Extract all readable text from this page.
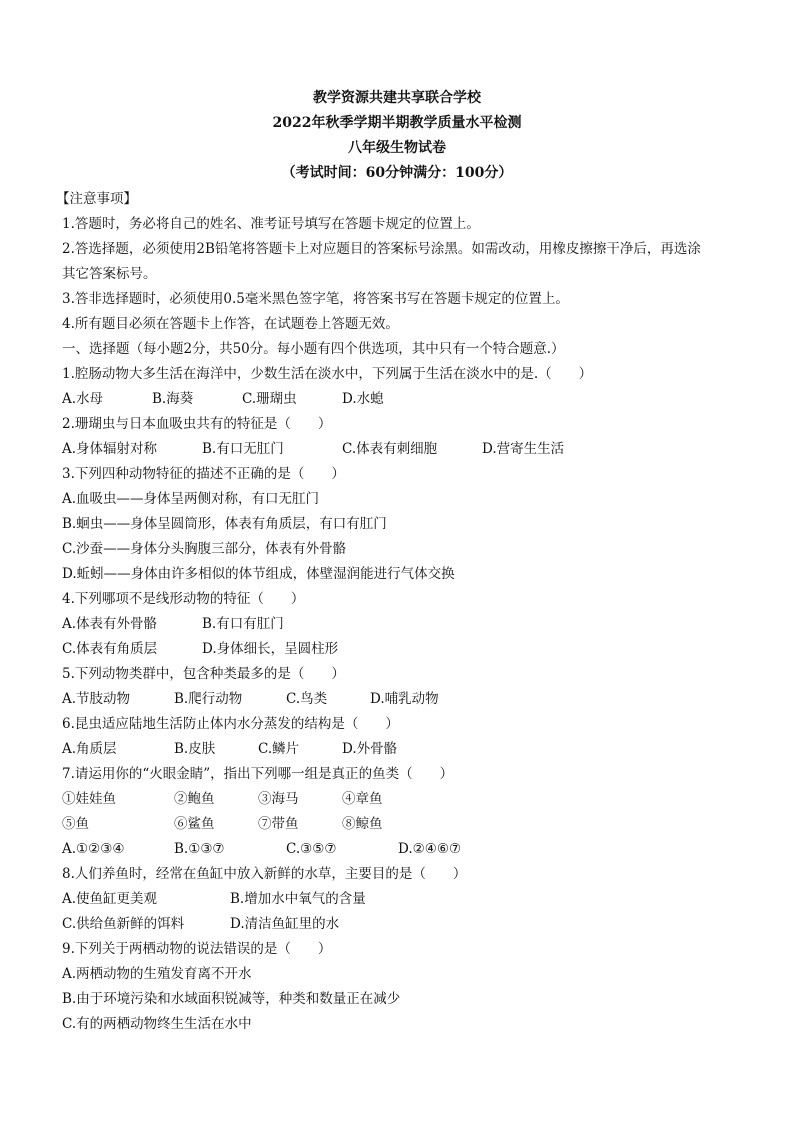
教学资源共建共享联合学校
2022年秋季学期半期教学质量水平检测
八年级生物试卷
（考试时间：60分钟满分：100分）
【注意事项】
1.答题时，务必将自己的姓名、准考证号填写在答题卡规定的位置上。
2.答选择题，必须使用2B铅笔将答题卡上对应题目的答案标号涂黑。如需改动，用橡皮擦擦干净后，再选涂
其它答案标号。
3.答非选择题时，必须使用0.5毫米黑色签字笔，将答案书写在答题卡规定的位置上。
4.所有题目必须在答题卡上作答，在试题卷上答题无效。
一、选择题（每小题2分，共50分。每小题有四个供选项，其中只有一个特合题意.）
1.腔肠动物大多生活在海洋中，少数生活在淡水中，下列属于生活在淡水中的是.（　　）
A.水母	B.海葵	C.珊瑚虫	D.水螅
2.珊瑚虫与日本血吸虫共有的特征是（　　）
A.身体辐射对称	B.有口无肛门	C.体表有刺细胞	D.营寄生生活
3.下列四种动物特征的描述不正确的是（　　）
A.血吸虫——身体呈两侧对称，有口无肛门
B.蛔虫——身体呈圆筒形，体表有角质层，有口有肛门
C.沙蚕——身体分头胸腹三部分，体表有外骨骼
D.蚯蚓——身体由许多相似的体节组成，体壁湿润能进行气体交换
4.下列哪项不是线形动物的特征（　　）
A.体表有外骨骼	B.有口有肛门
C.体表有角质层	D.身体细长，呈圆柱形
5.下列动物类群中，包含种类最多的是（　　）
A.节肢动物	B.爬行动物	C.鸟类	D.哺乳动物
6.昆虫适应陆地生活防止体内水分蒸发的结构是（　　）
A.角质层	B.皮肤	C.鳞片	D.外骨骼
7.请运用你的“火眼金睛”，指出下列哪一组是真正的鱼类（　　）
①娃娃鱼	②鲍鱼	③海马	④章鱼
⑤鱼	⑥鲨鱼	⑦带鱼	⑧鲸鱼
A.①②③④	B.①③⑦	C.③⑤⑦	D.②④⑥⑦
8.人们养鱼时，经常在鱼缸中放入新鲜的水草，主要目的是（　　）
A.使鱼缸更美观	B.增加水中氧气的含量
C.供给鱼新鲜的饵料	D.清洁鱼缸里的水
9.下列关于两栖动物的说法错误的是（　　）
A.两栖动物的生殖发育离不开水
B.由于环境污染和水域面积锐减等，种类和数量正在减少
C.有的两栖动物终生生活在水中
